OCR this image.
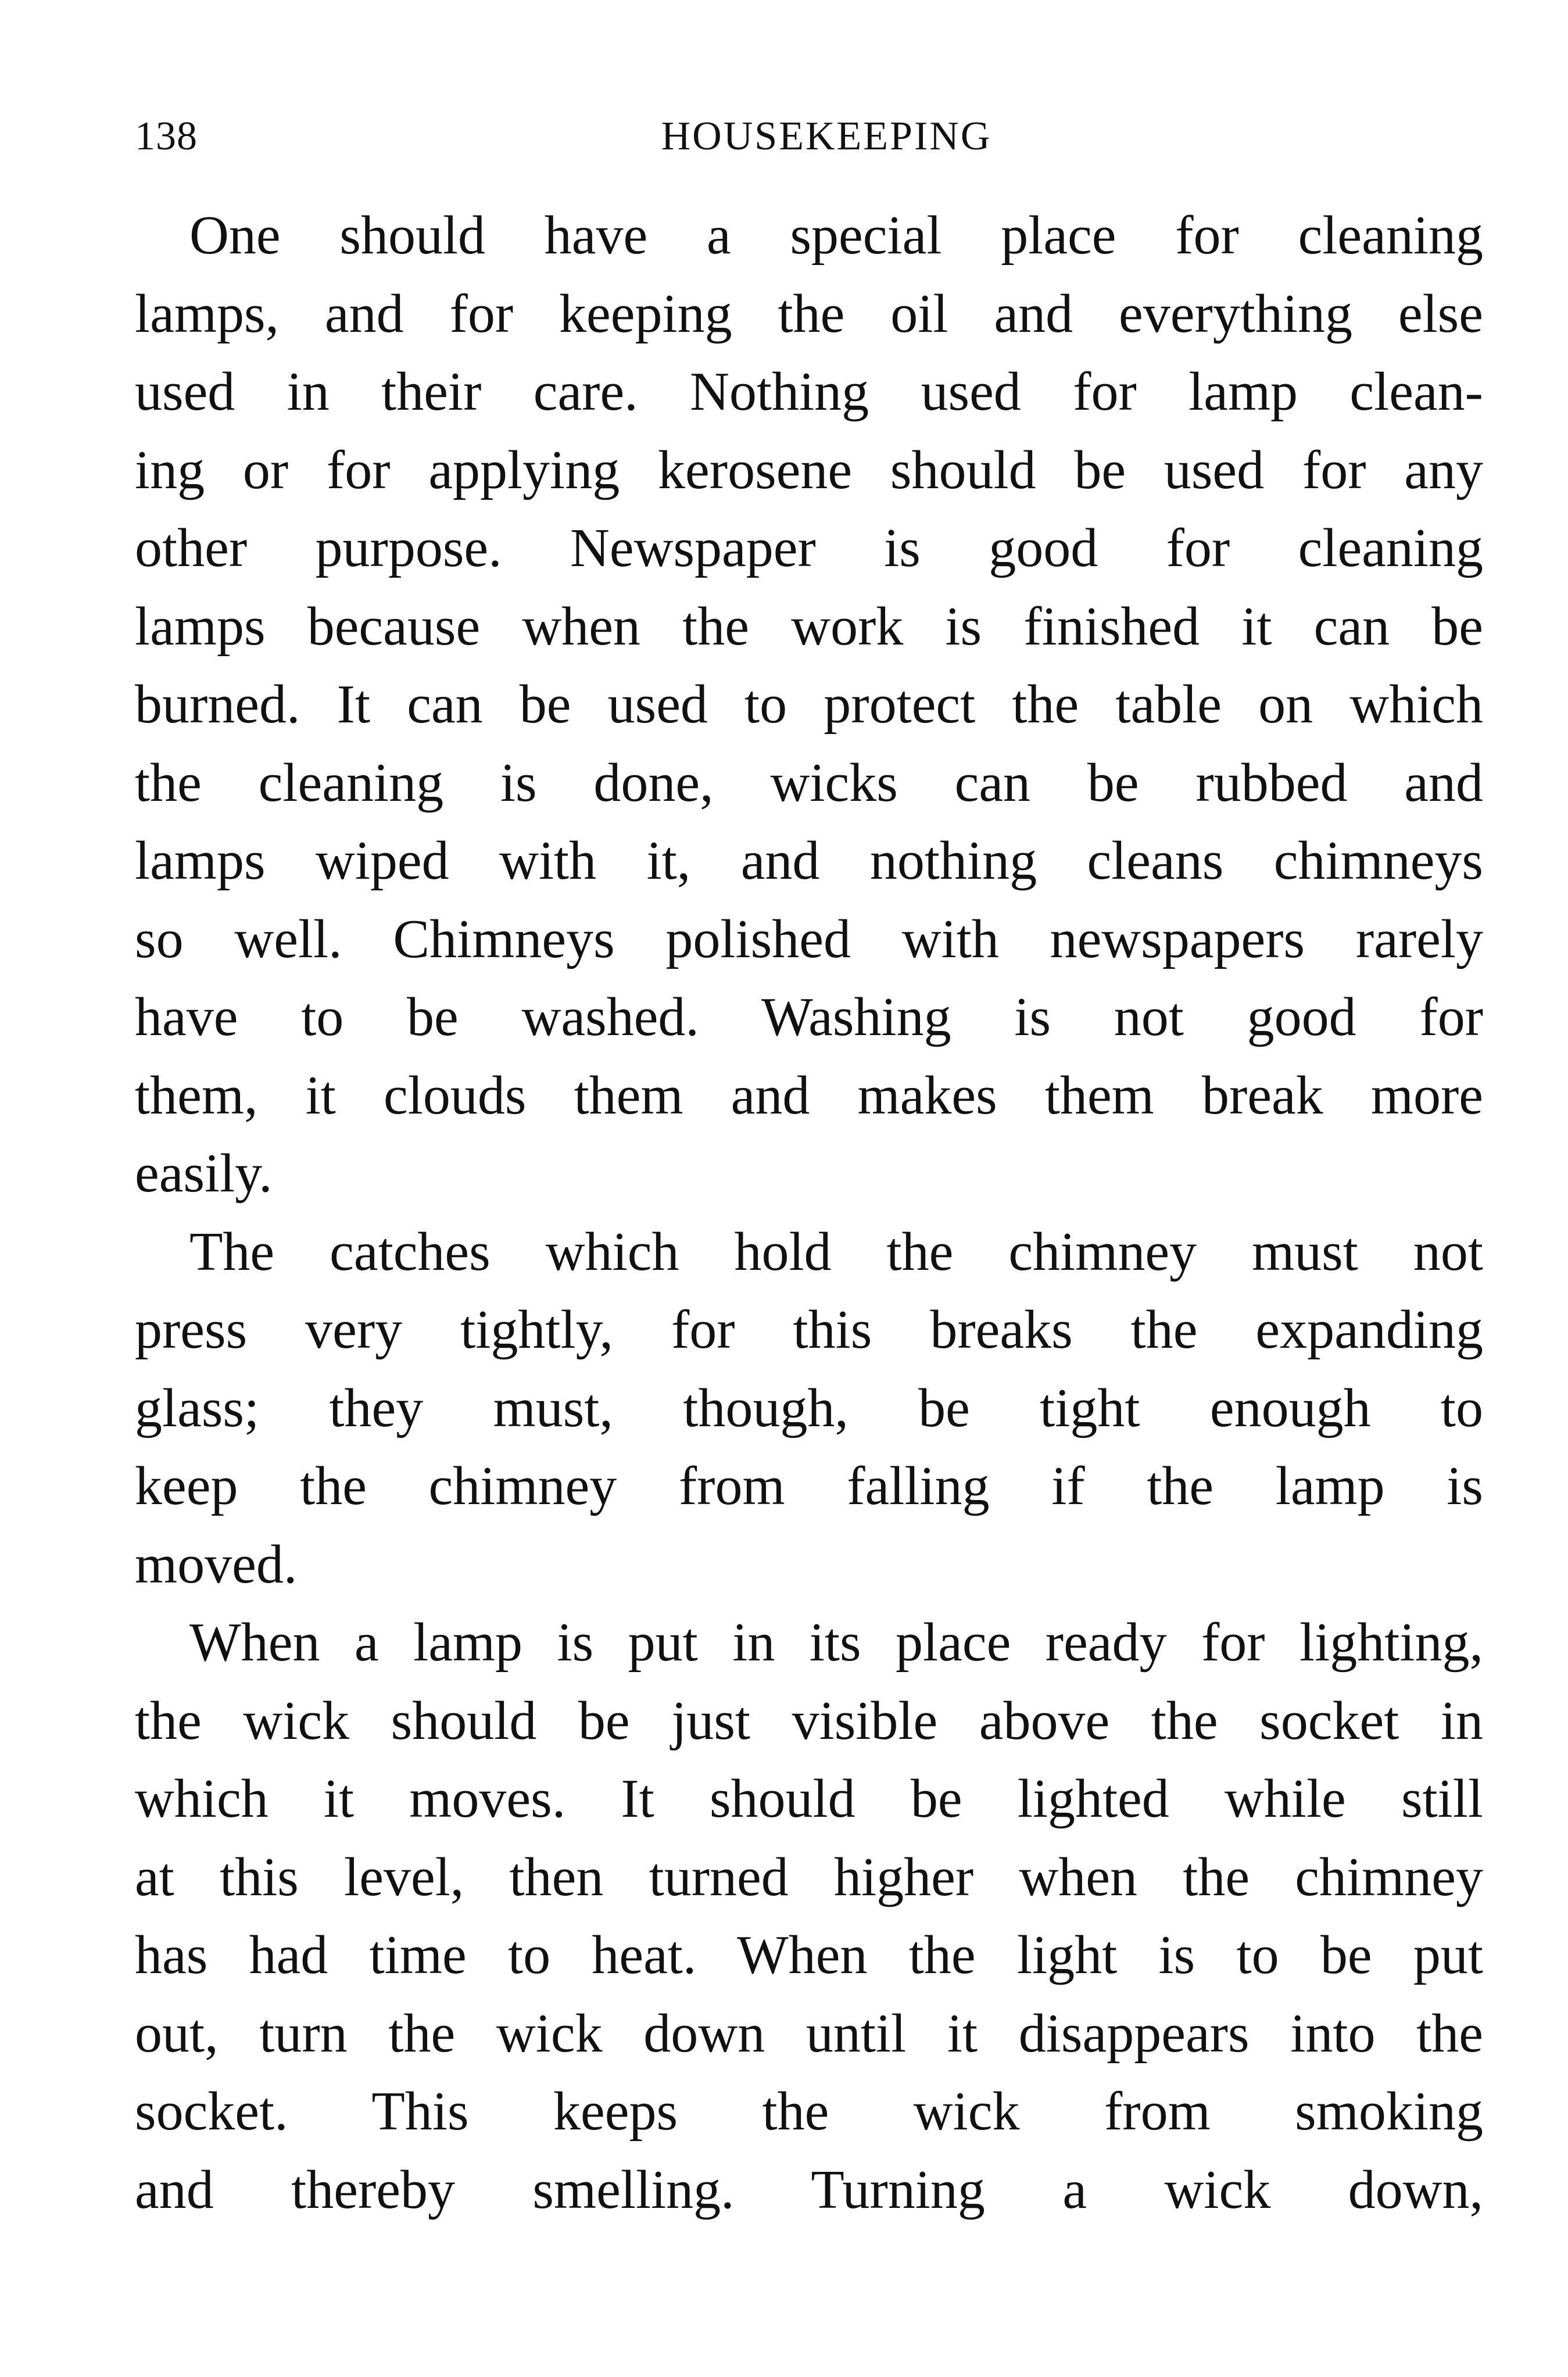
138	HOUSEKEEPING
One should have a special place for cleaning
lamps, and for keeping the oil and everything else
used in their care. Nothing used for lamp clean-
ing or for applying kerosene should be used for any
other purpose. Newspaper is good for cleaning
lamps because when the work is finished it can be
burned. It can be used to protect the table on which
the cleaning is done, wicks can be rubbed and
lamps wiped with it, and nothing cleans chimneys
so well. Chimneys polished with newspapers rarely
have to be washed. Washing is not good for
them, it clouds them and makes them break more
easily.
The catches which hold the chimney must not
press very tightly, for this breaks the expanding
glass; they must, though, be tight enough to
keep the chimney from falling if the lamp is
moved.
When a lamp is put in its place ready for lighting,
the wick should be just visible above the socket in
which it moves. It should be lighted while still
at this level, then turned higher when the chimney
has had time to heat. When the light is to be put
out, turn the wick down until it disappears into the
socket. This keeps the wick from smoking
and thereby smelling. Turning a wick down,
